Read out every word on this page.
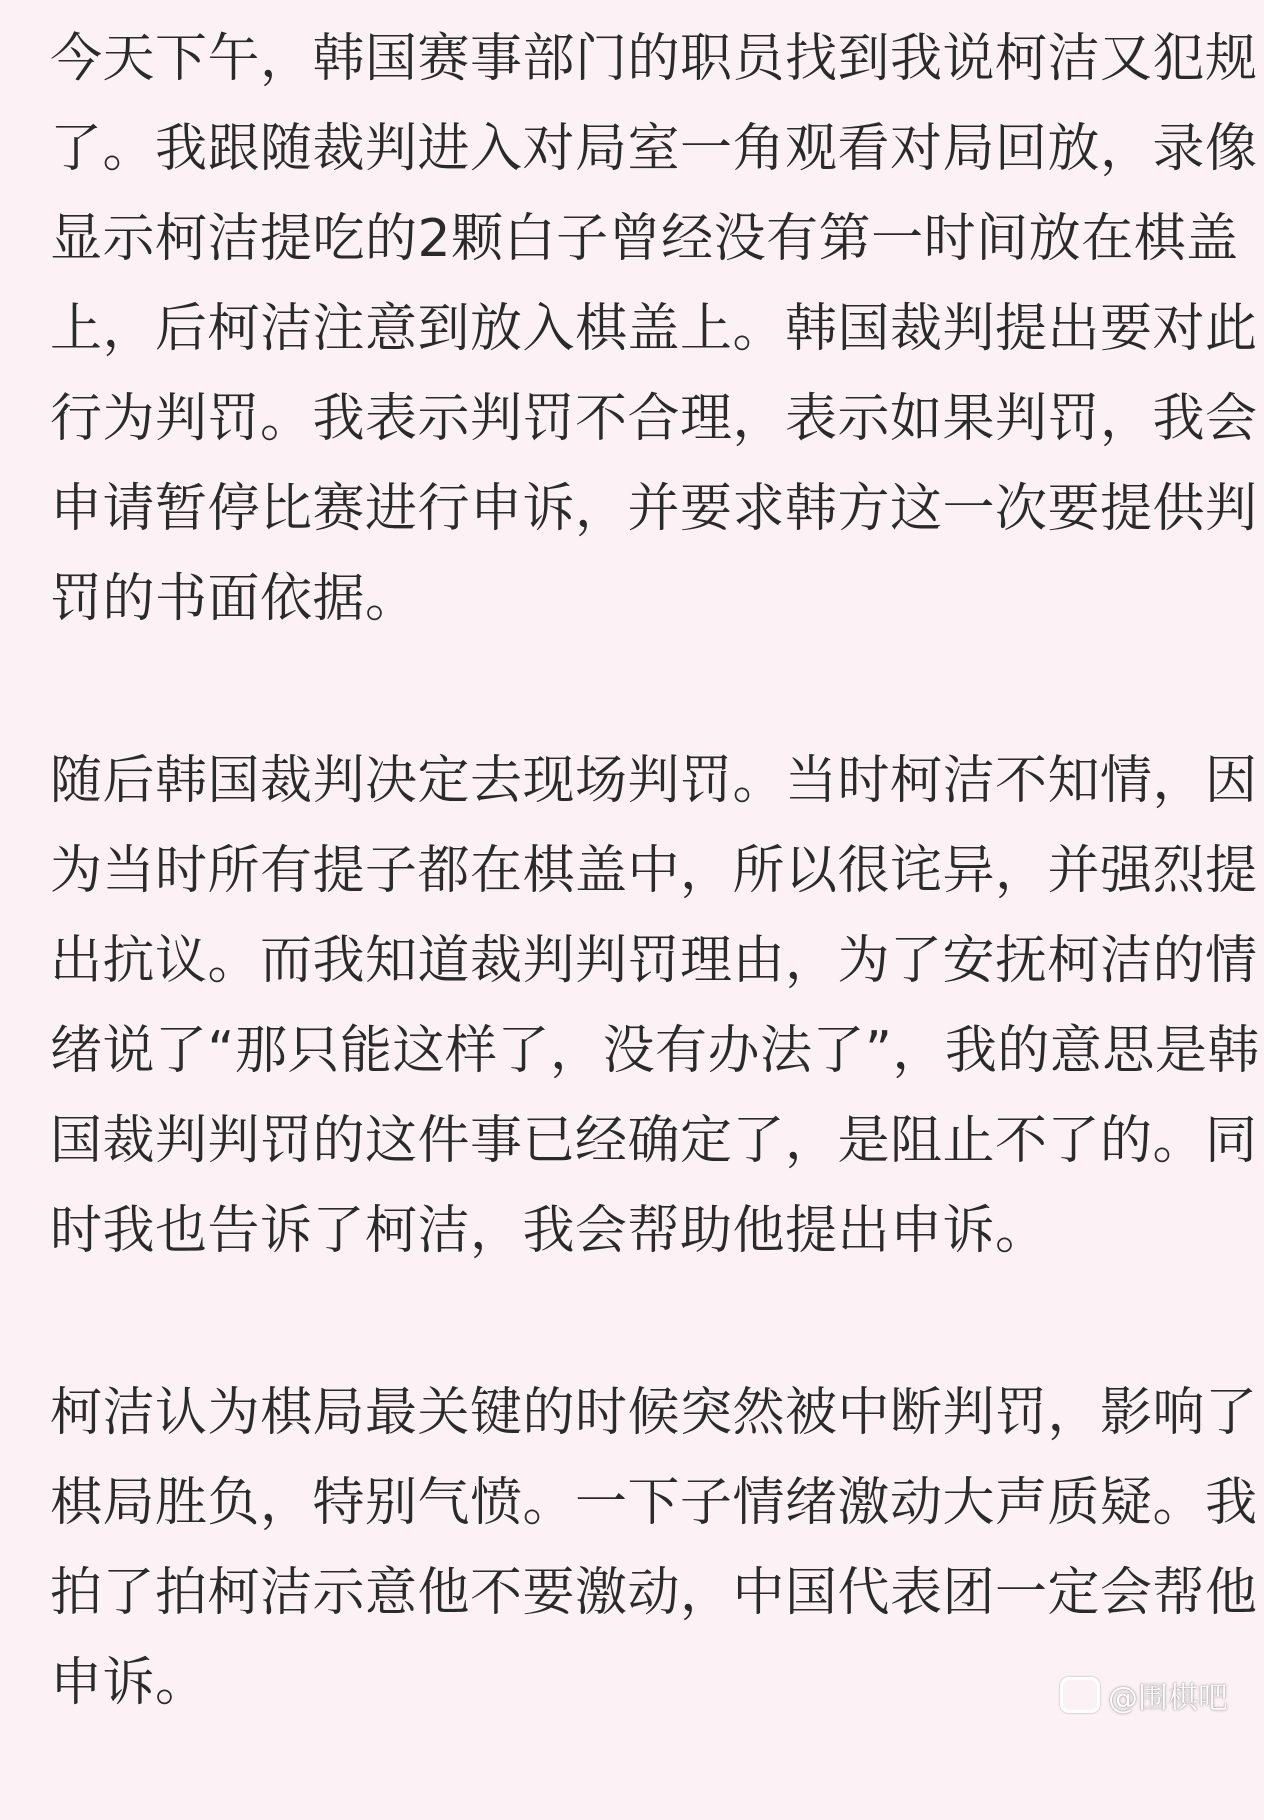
今天下午，韩国赛事部门的职员找到我说柯洁又犯规
了。我跟随裁判进入对局室一角观看对局回放，录像
显示柯洁提吃的2颗白子曾经没有第一时间放在棋盖
上，后柯洁注意到放入棋盖上。韩国裁判提出要对此
行为判罚。我表示判罚不合理，表示如果判罚，我会
申请暂停比赛进行申诉，并要求韩方这一次要提供判
罚的书面依据。
随后韩国裁判决定去现场判罚。当时柯洁不知情，因
为当时所有提子都在棋盖中，所以很诧异，并强烈提
出抗议。而我知道裁判判罚理由，为了安抚柯洁的情
绪说了“那只能这样了，没有办法了”，我的意思是韩
国裁判判罚的这件事已经确定了，是阻止不了的。同
时我也告诉了柯洁，我会帮助他提出申诉。
柯洁认为棋局最关键的时候突然被中断判罚，影响了
棋局胜负，特别气愤。一下子情绪激动大声质疑。我
拍了拍柯洁示意他不要激动，中国代表团一定会帮他
申诉。	@围棋吧
